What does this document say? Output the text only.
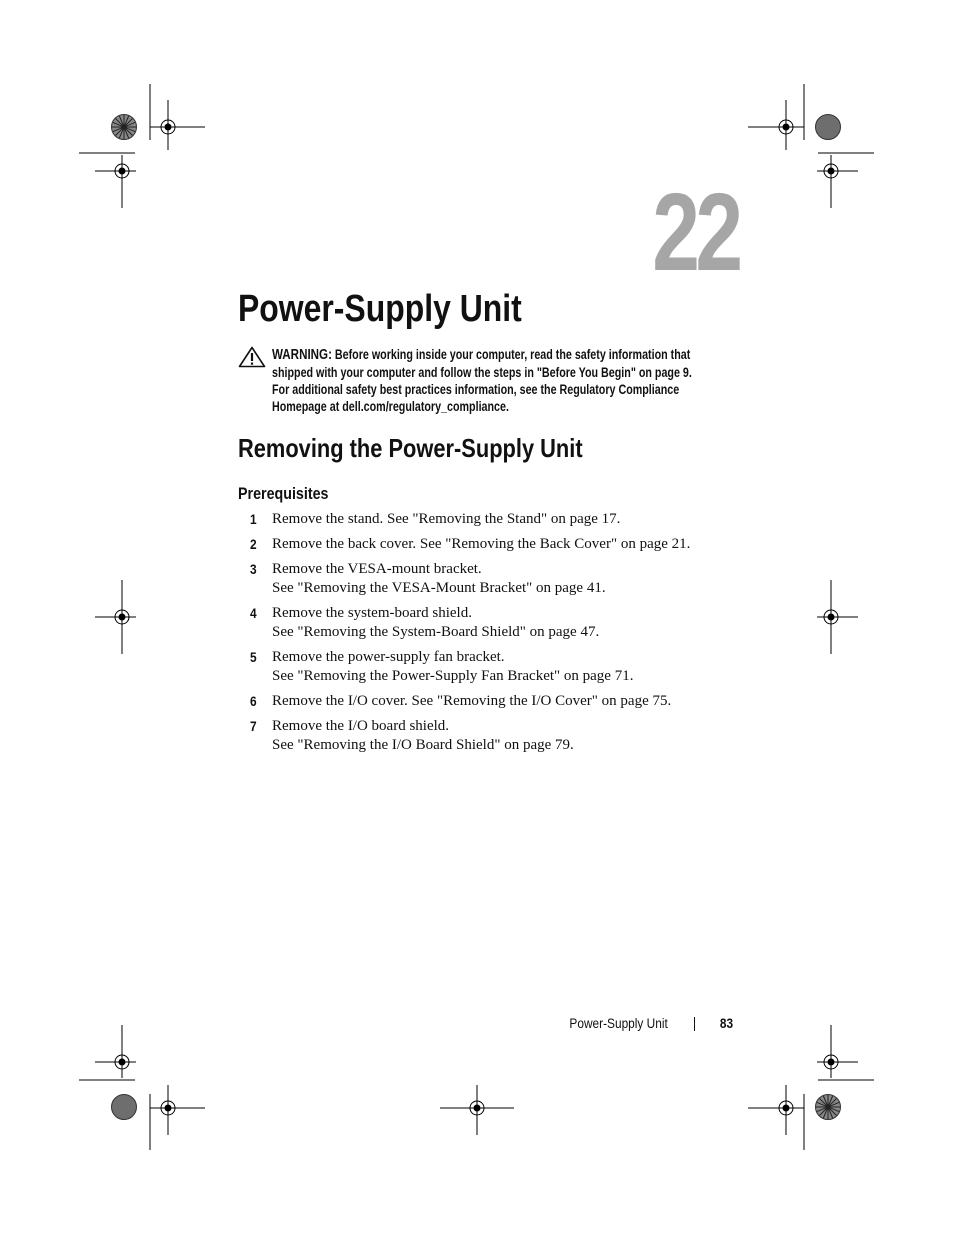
22
Power-Supply Unit
WARNING: Before working inside your computer, read the safety information that
shipped with your computer and follow the steps in "Before You Begin" on page 9.
For additional safety best practices information, see the Regulatory Compliance
Homepage at dell.com/regulatory_compliance.
Removing the Power-Supply Unit
Prerequisites
1 Remove the stand. See "Removing the Stand" on page 17.
2 Remove the back cover. See "Removing the Back Cover" on page 21.
3 Remove the VESA-mount bracket.
See "Removing the VESA-Mount Bracket" on page 41.
4 Remove the system-board shield.
See "Removing the System-Board Shield" on page 47.
5 Remove the power-supply fan bracket.
See "Removing the Power-Supply Fan Bracket" on page 71.
6 Remove the I/O cover. See "Removing the I/O Cover" on page 75.
7 Remove the I/O board shield.
See "Removing the I/O Board Shield" on page 79.
Power-Supply Unit	83
